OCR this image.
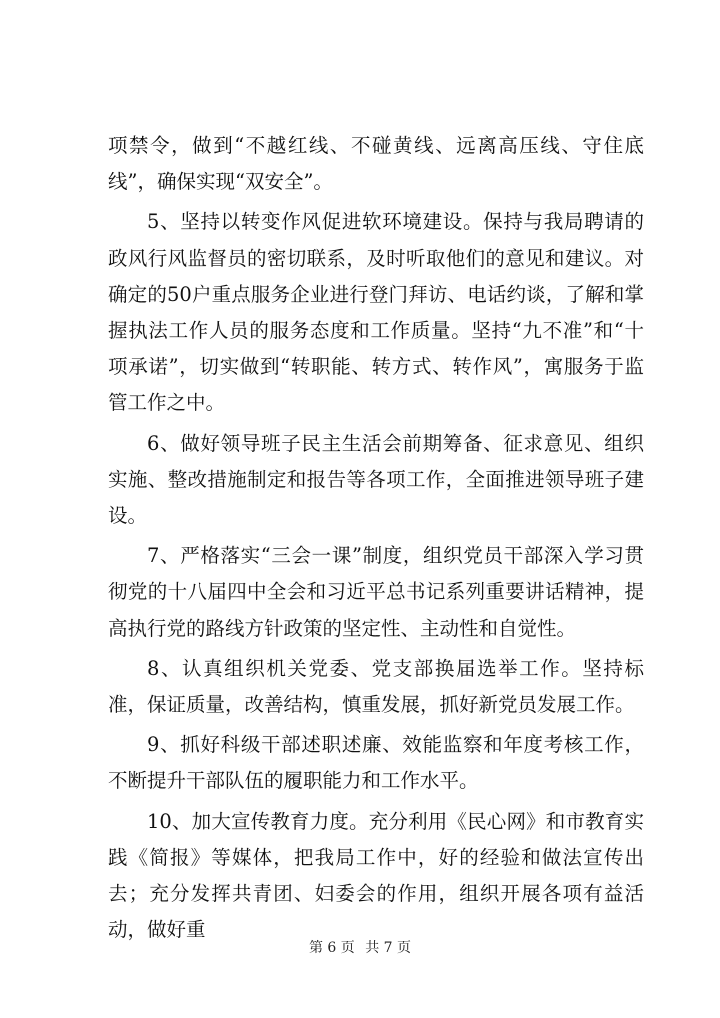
项禁令，做到“不越红线、不碰黄线、远离高压线、守住底线”，确保实现“双安全”。

5、坚持以转变作风促进软环境建设。保持与我局聘请的政风行风监督员的密切联系，及时听取他们的意见和建议。对确定的50户重点服务企业进行登门拜访、电话约谈，了解和掌握执法工作人员的服务态度和工作质量。坚持“九不准”和“十项承诺”，切实做到“转职能、转方式、转作风”，寓服务于监管工作之中。

6、做好领导班子民主生活会前期筹备、征求意见、组织实施、整改措施制定和报告等各项工作，全面推进领导班子建设。

7、严格落实“三会一课”制度，组织党员干部深入学习贯彻党的十八届四中全会和习近平总书记系列重要讲话精神，提高执行党的路线方针政策的坚定性、主动性和自觉性。

8、认真组织机关党委、党支部换届选举工作。坚持标准，保证质量，改善结构，慎重发展，抓好新党员发展工作。

9、抓好科级干部述职述廉、效能监察和年度考核工作，不断提升干部队伍的履职能力和工作水平。

10、加大宣传教育力度。充分利用《民心网》和市教育实践《简报》等媒体，把我局工作中，好的经验和做法宣传出去；充分发挥共青团、妇委会的作用，组织开展各项有益活动，做好重

第 6 页 共 7 页
